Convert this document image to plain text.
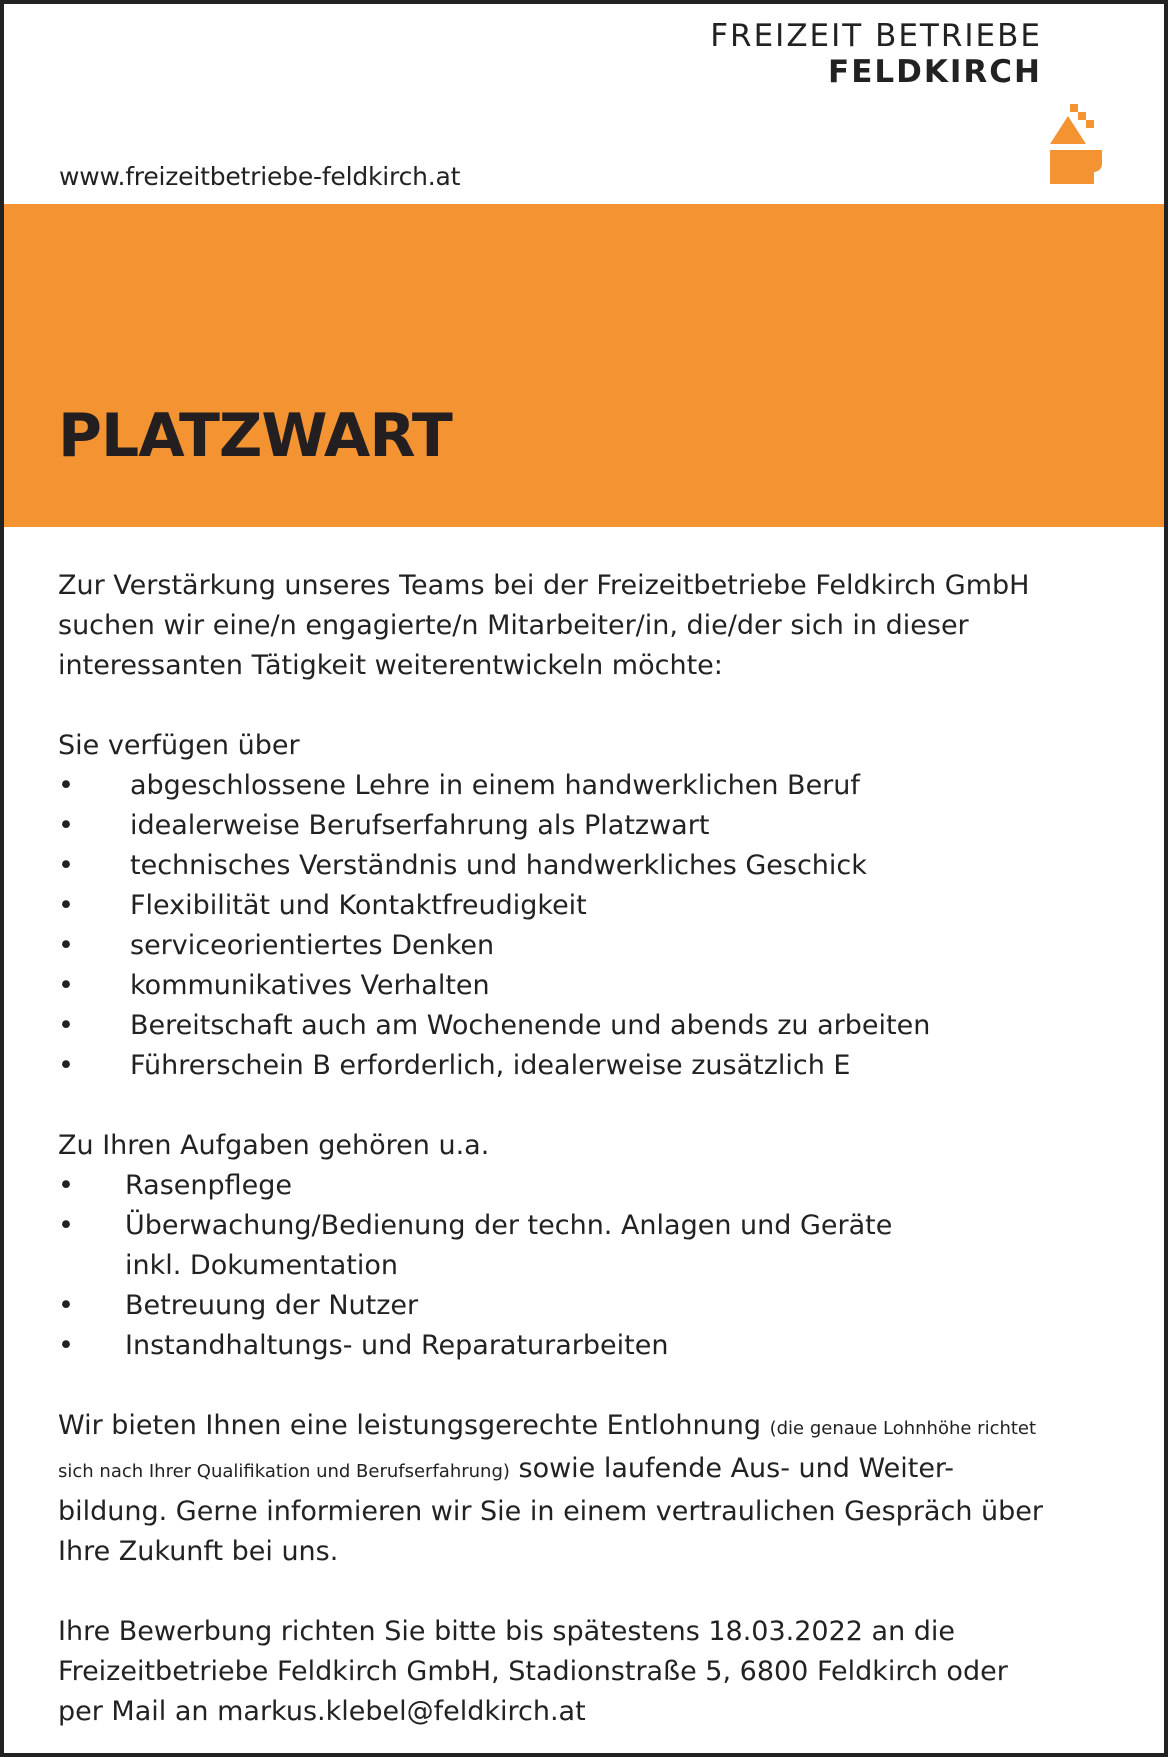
www.freizeitbetriebe-feldkirch.at
FREIZEIT BETRIEBE
FELDKIRCH
PLATZWART

Zur Verstärkung unseres Teams bei der Freizeitbetriebe Feldkirch GmbH

suchen wir eine/n engagierte/n Mitarbeiter/in, die/der sich in dieser

interessanten Tätigkeit weiterentwickeln möchte:

Sie verfügen über

• abgeschlossene Lehre in einem handwerklichen Beruf
• idealerweise Berufserfahrung als Platzwart
• technisches Verständnis und handwerkliches Geschick
• Flexibilität und Kontaktfreudigkeit
• serviceorientiertes Denken
• kommunikatives Verhalten
• Bereitschaft auch am Wochenende und abends zu arbeiten
• Führerschein B erforderlich, idealerweise zusätzlich E

Zu Ihren Aufgaben gehören u.a.

• Rasenpflege
• Überwachung/Bedienung der techn. Anlagen und Geräte
inkl. Dokumentation
• Betreuung der Nutzer
• Instandhaltungs- und Reparaturarbeiten

Wir bieten Ihnen eine leistungsgerechte Entlohnung (die genaue Lohnhöhe richtet

sich nach Ihrer Qualifikation und Berufserfahrung) sowie laufende Aus- und Weiter-

bildung. Gerne informieren wir Sie in einem vertraulichen Gespräch über

Ihre Zukunft bei uns.

Ihre Bewerbung richten Sie bitte bis spätestens 18.03.2022 an die

Freizeitbetriebe Feldkirch GmbH, Stadionstraße 5, 6800 Feldkirch oder

per Mail an markus.klebel@feldkirch.at
